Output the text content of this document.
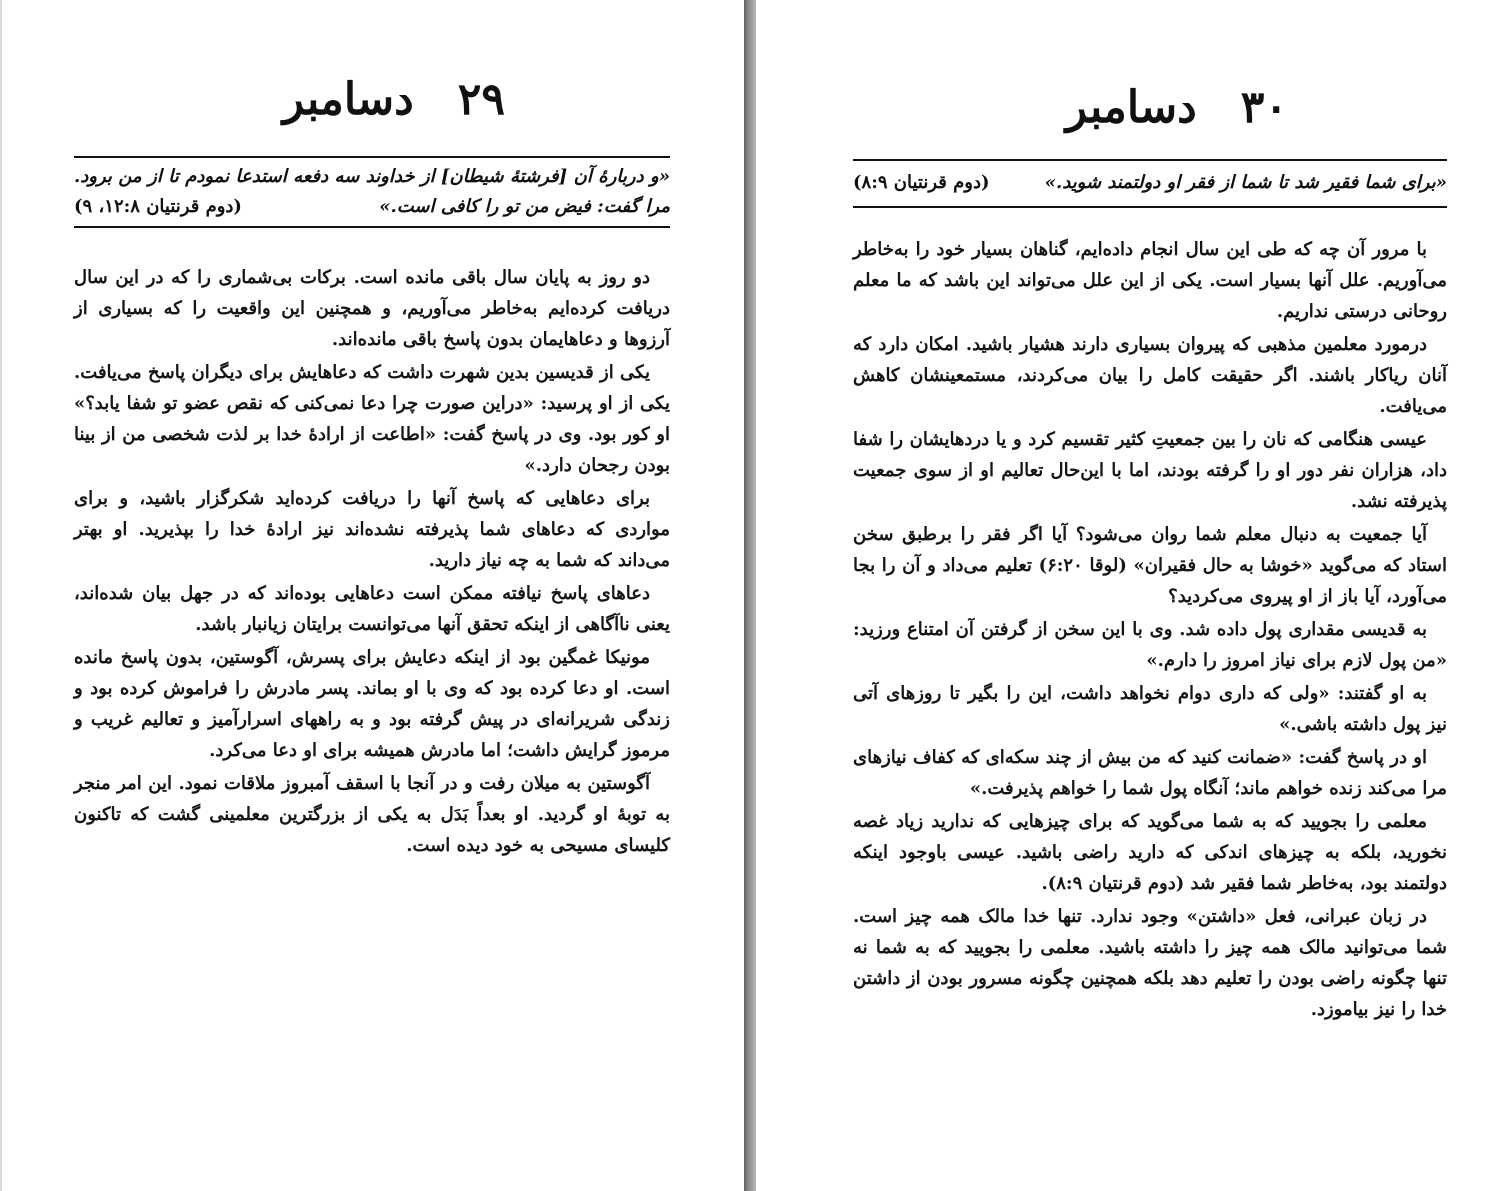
۲۹دسامبر
«و دربارهٔ آن [فرشتهٔ شیطان] از خداوند سه دفعه استدعا نمودم تا از من برود. مرا گفت: فیض من تو را کافی است.»
(دوم قرنتیان ۱۲:۸، ۹)

دو روز به پایان سال باقی مانده است. برکات بی‌شماری را که در این سال دریافت کرده‌ایم به‌خاطر می‌آوریم، و همچنین این واقعیت را که بسیاری از آرزوها و دعاهایمان بدون پاسخ باقی مانده‌اند.

یکی از قدیسین بدین شهرت داشت که دعاهایش برای دیگران پاسخ می‌یافت. یکی از او پرسید: «دراین صورت چرا دعا نمی‌کنی که نقص عضو تو شفا یابد؟» او کور بود. وی در پاسخ گفت: «اطاعت از ارادهٔ خدا بر لذت شخصی من از بینا بودن رجحان دارد.»

برای دعاهایی که پاسخ آنها را دریافت کرده‌اید شکرگزار باشید، و برای مواردی که دعاهای شما پذیرفته نشده‌اند نیز ارادهٔ خدا را بپذیرید. او بهتر می‌داند که شما به چه نیاز دارید.

دعاهای پاسخ نیافته ممکن است دعاهایی بوده‌اند که در جهل بیان شده‌اند، یعنی ناآگاهی از اینکه تحقق آنها می‌توانست برایتان زیانبار باشد.

مونیکا غمگین بود از اینکه دعایش برای پسرش، آگوستین، بدون پاسخ مانده است. او دعا کرده بود که وی با او بماند. پسر مادرش را فراموش کرده بود و زندگی شریرانه‌ای در پیش گرفته بود و به راههای اسرارآمیز و تعالیم غریب و مرموز گرایش داشت؛ اما مادرش همیشه برای او دعا می‌کرد.

آگوستین به میلان رفت و در آنجا با اسقف آمبروز ملاقات نمود. این امر منجر به توبهٔ او گردید. او بعداً بَدَل به یکی از بزرگترین معلمینی گشت که تاکنون کلیسای مسیحی به خود دیده است.

۳۰دسامبر
«برای شما فقیر شد تا شما از فقر او دولتمند شوید.»
(دوم قرنتیان ۸:۹)

با مرور آن چه که طی این سال انجام داده‌ایم، گناهان بسیار خود را به‌خاطر می‌آوریم. علل آنها بسیار است. یکی از این علل می‌تواند این باشد که ما معلم روحانی درستی نداریم.

درمورد معلمین مذهبی که پیروان بسیاری دارند هشیار باشید. امکان دارد که آنان ریاکار باشند. اگر حقیقت کامل را بیان می‌کردند، مستمعینشان کاهش می‌یافت.

عیسی هنگامی که نان را بین جمعیتِ کثیر تقسیم کرد و یا دردهایشان را شفا داد، هزاران نفر دور او را گرفته بودند، اما با این‌حال تعالیم او از سوی جمعیت پذیرفته نشد.

آیا جمعیت به دنبال معلم شما روان می‌شود؟ آیا اگر فقر را برطبق سخن استاد که می‌گوید «خوشا به حال فقیران» (لوقا ۶:۲۰) تعلیم می‌داد و آن را بجا می‌آورد، آیا باز از او پیروی می‌کردید؟

به قدیسی مقداری پول داده شد. وی با این سخن از گرفتن آن امتناع ورزید: «من پول لازم برای نیاز امروز را دارم.»

به او گفتند: «ولی که داری دوام نخواهد داشت، این را بگیر تا روزهای آتی نیز پول داشته باشی.»

او در پاسخ گفت: «ضمانت کنید که من بیش از چند سکه‌ای که کفاف نیازهای مرا می‌کند زنده خواهم ماند؛ آنگاه پول شما را خواهم پذیرفت.»

معلمی را بجویید که به شما می‌گوید که برای چیزهایی که ندارید زیاد غصه نخورید، بلکه به چیزهای اندکی که دارید راضی باشید. عیسی باوجود اینکه دولتمند بود، به‌خاطر شما فقیر شد (دوم قرنتیان ۸:۹).

در زبان عبرانی، فعل «داشتن» وجود ندارد. تنها خدا مالک همه چیز است. شما می‌توانید مالک همه چیز را داشته باشید. معلمی را بجویید که به شما نه تنها چگونه راضی بودن را تعلیم دهد بلکه همچنین چگونه مسرور بودن از داشتن خدا را نیز بیاموزد.
